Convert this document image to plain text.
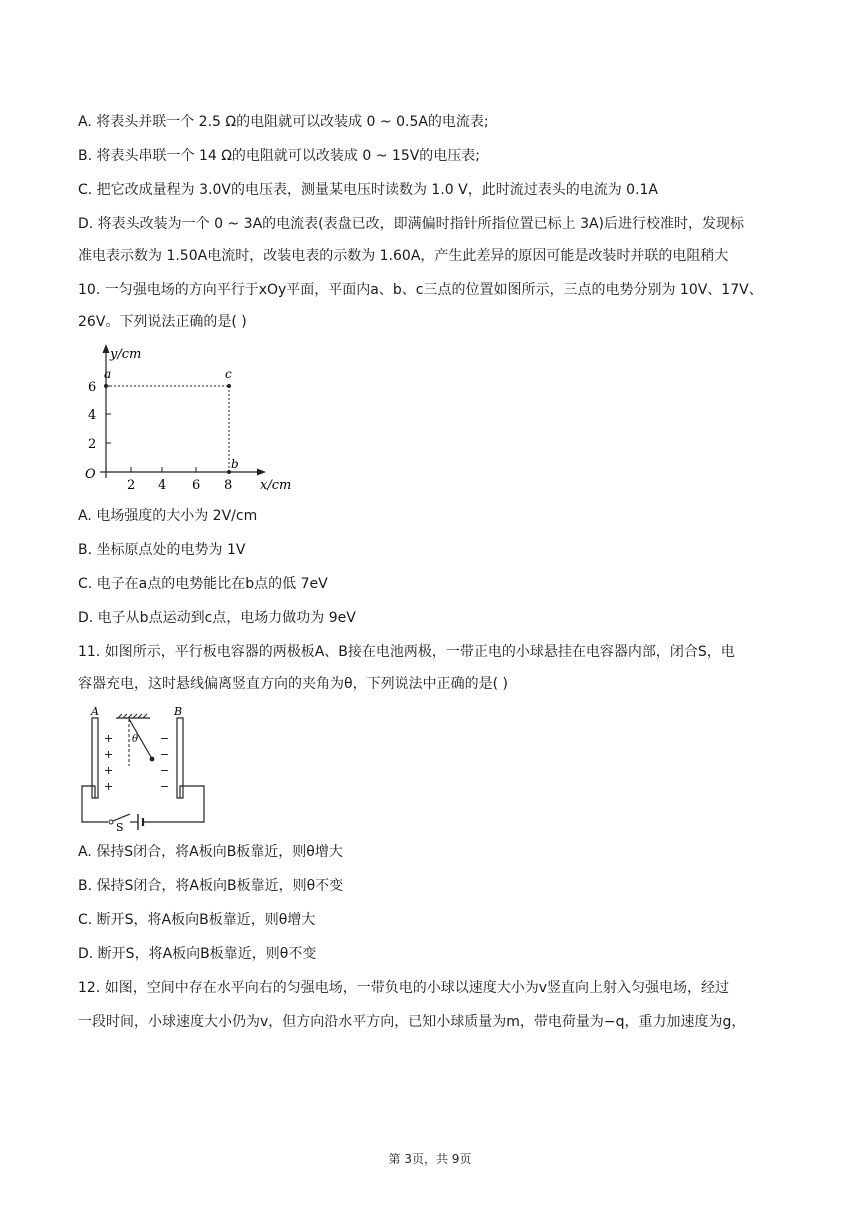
A. 将表头并联一个 2.5 Ω的电阻就可以改装成 0 ~ 0.5A的电流表;
B. 将表头串联一个 14 Ω的电阻就可以改装成 0 ~ 15V的电压表;
C. 把它改成量程为 3.0V的电压表，测量某电压时读数为 1.0 V，此时流过表头的电流为 0.1A
D. 将表头改装为一个 0 ~ 3A的电流表(表盘已改，即满偏时指针所指位置已标上 3A)后进行校准时，发现标
准电表示数为 1.50A电流时，改装电表的示数为 1.60A，产生此差异的原因可能是改装时并联的电阻稍大
10. 一匀强电场的方向平行于xOy平面，平面内a、b、c三点的位置如图所示，三点的电势分别为 10V、17V、
26V。下列说法正确的是( )
y/cm
x/cm
O
6
4
2
2 4 6 8
a	c
b
A. 电场强度的大小为 2V/cm
B. 坐标原点处的电势为 1V
C. 电子在a点的电势能比在b点的低 7eV
D. 电子从b点运动到c点，电场力做功为 9eV
11. 如图所示，平行板电容器的两极板A、B接在电池两极，一带正电的小球悬挂在电容器内部，闭合S，电
容器充电，这时悬线偏离竖直方向的夹角为θ，下列说法中正确的是( )
A	B
θ
+
+
+
+
−
−
−
−
S
A. 保持S闭合，将A板向B板靠近，则θ增大
B. 保持S闭合，将A板向B板靠近，则θ不变
C. 断开S，将A板向B板靠近，则θ增大
D. 断开S，将A板向B板靠近，则θ不变
12. 如图，空间中存在水平向右的匀强电场，一带负电的小球以速度大小为v竖直向上射入匀强电场，经过
一段时间，小球速度大小仍为v，但方向沿水平方向，已知小球质量为m，带电荷量为−q，重力加速度为g，
第 3页，共 9页
